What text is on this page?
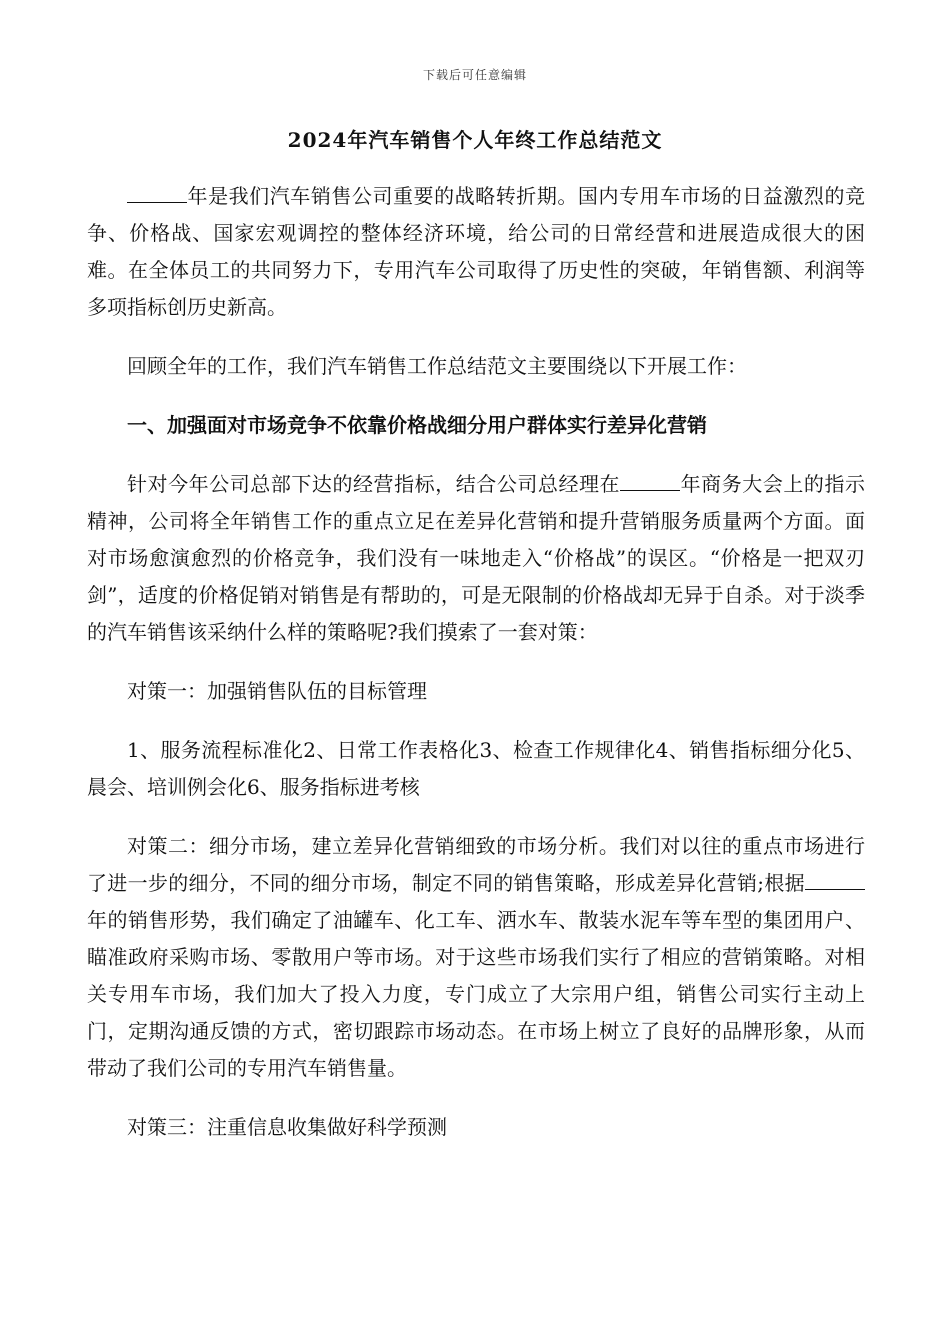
下载后可任意编辑
2024年汽车销售个人年终工作总结范文

年是我们汽车销售公司重要的战略转折期。国内专用车市场的日益激烈的竞争、价格战、国家宏观调控的整体经济环境，给公司的日常经营和进展造成很大的困难。在全体员工的共同努力下，专用汽车公司取得了历史性的突破，年销售额、利润等多项指标创历史新高。

回顾全年的工作，我们汽车销售工作总结范文主要围绕以下开展工作：

一、加强面对市场竞争不依靠价格战细分用户群体实行差异化营销

针对今年公司总部下达的经营指标，结合公司总经理在	年商务大会上的指示精神，公司将全年销售工作的重点立足在差异化营销和提升营销服务质量两个方面。面对市场愈演愈烈的价格竞争，我们没有一味地走入“价格战”的误区。“价格是一把双刃剑”，适度的价格促销对销售是有帮助的，可是无限制的价格战却无异于自杀。对于淡季的汽车销售该采纳什么样的策略呢?我们摸索了一套对策：

对策一：加强销售队伍的目标管理

1、服务流程标准化2、日常工作表格化3、检查工作规律化4、销售指标细分化5、晨会、培训例会化6、服务指标进考核

对策二：细分市场，建立差异化营销细致的市场分析。我们对以往的重点市场进行了进一步的细分，不同的细分市场，制定不同的销售策略，形成差异化营销;根据年的销售形势，我们确定了油罐车、化工车、洒水车、散装水泥车等车型的集团用户、瞄准政府采购市场、零散用户等市场。对于这些市场我们实行了相应的营销策略。对相关专用车市场，我们加大了投入力度，专门成立了大宗用户组，销售公司实行主动上门，定期沟通反馈的方式，密切跟踪市场动态。在市场上树立了良好的品牌形象，从而带动了我们公司的专用汽车销售量。

对策三：注重信息收集做好科学预测
